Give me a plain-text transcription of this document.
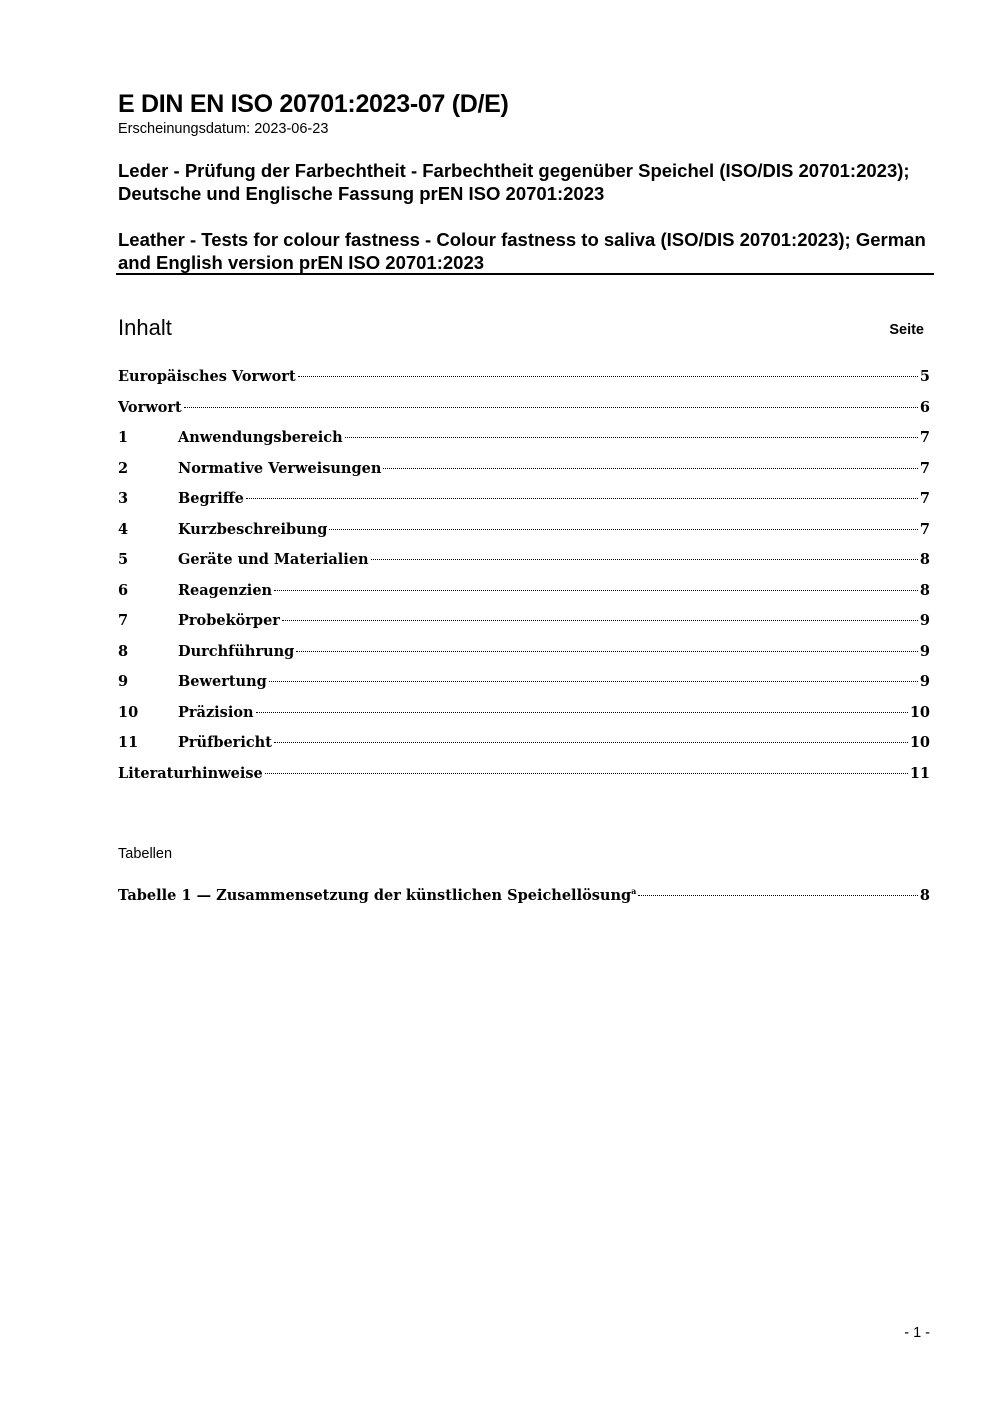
E DIN EN ISO 20701:2023-07 (D/E)
Erscheinungsdatum: 2023-06-23
Leder - Prüfung der Farbechtheit - Farbechtheit gegenüber Speichel (ISO/DIS 20701:2023); Deutsche und Englische Fassung prEN ISO 20701:2023
Leather - Tests for colour fastness - Colour fastness to saliva (ISO/DIS 20701:2023); German and English version prEN ISO 20701:2023
Inhalt	Seite
Europäisches Vorwort	5
Vorwort	6
1	Anwendungsbereich	7
2	Normative Verweisungen	7
3	Begriffe	7
4	Kurzbeschreibung	7
5	Geräte und Materialien	8
6	Reagenzien	8
7	Probekörper	9
8	Durchführung	9
9	Bewertung	9
10	Präzision	10
11	Prüfbericht	10
Literaturhinweise	11
Tabellen
Tabelle 1 — Zusammensetzung der künstlichen Speichellösung$^a$	8
- 1 -
